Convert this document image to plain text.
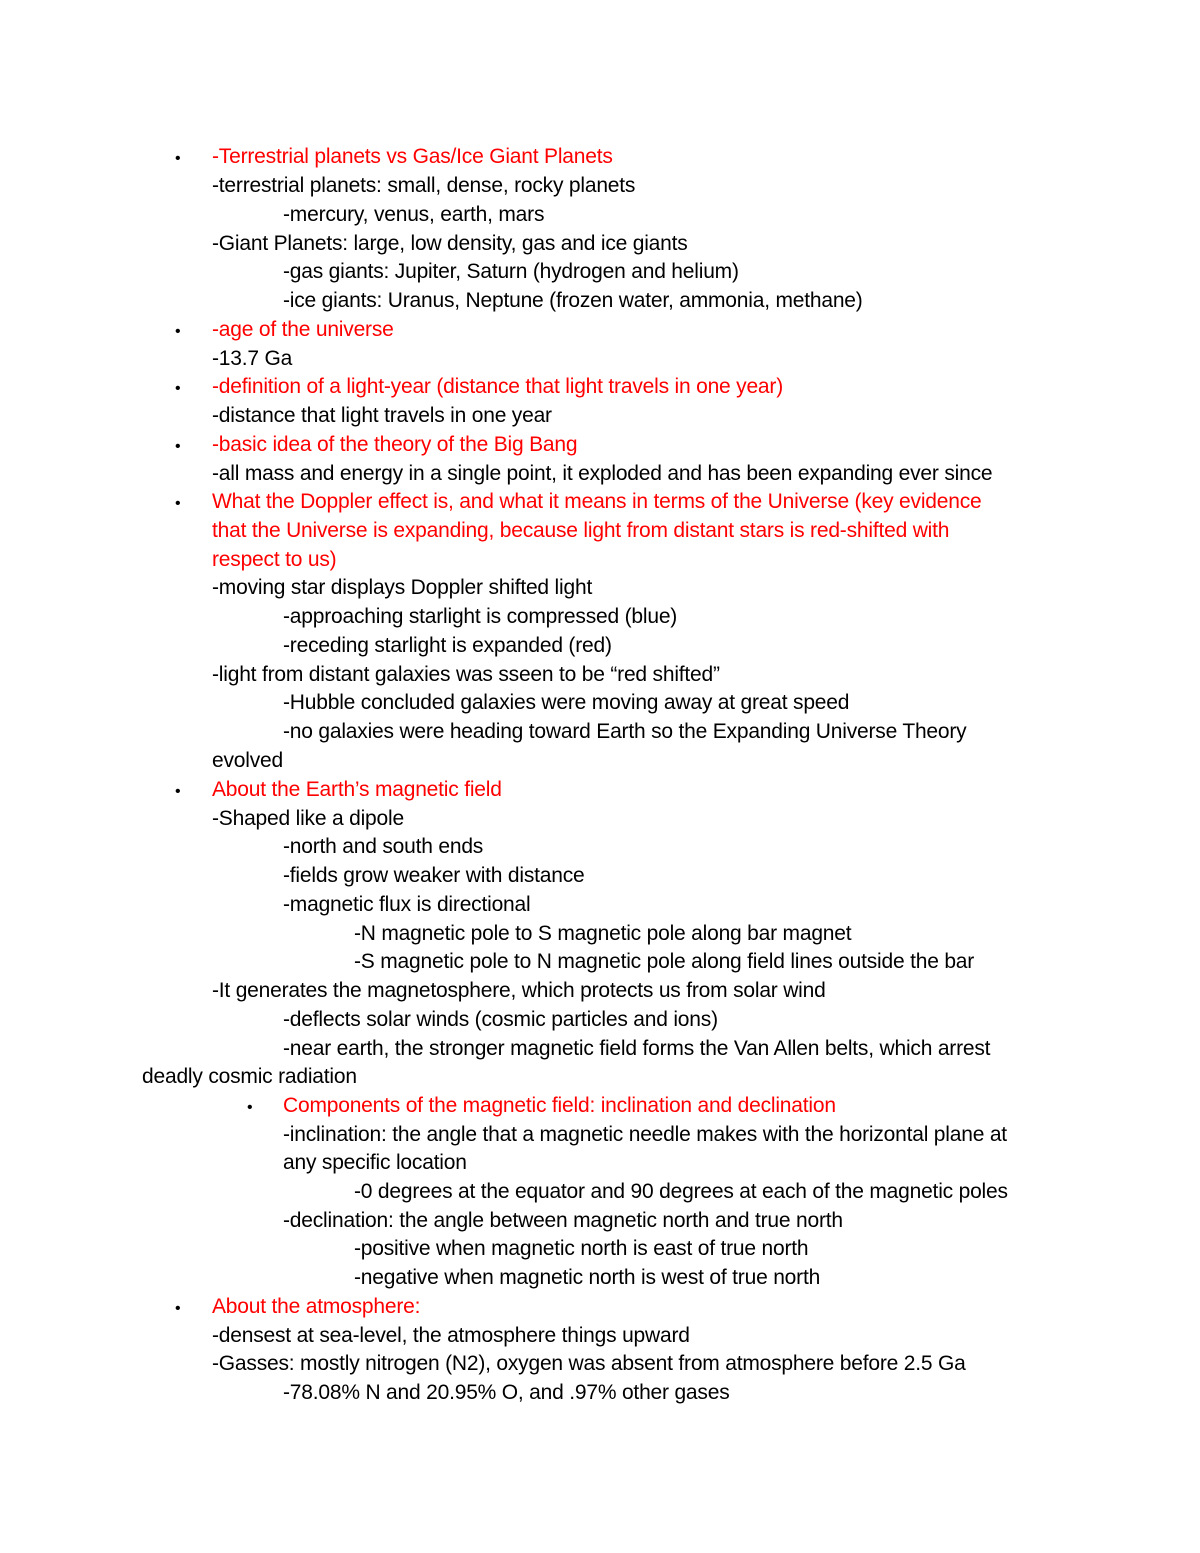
• -Terrestrial planets vs Gas/Ice Giant Planets
-terrestrial planets: small, dense, rocky planets
-mercury, venus, earth, mars
-Giant Planets: large, low density, gas and ice giants
-gas giants: Jupiter, Saturn (hydrogen and helium)
-ice giants: Uranus, Neptune (frozen water, ammonia, methane)
• -age of the universe
-13.7 Ga
• -definition of a light-year (distance that light travels in one year)
-distance that light travels in one year
• -basic idea of the theory of the Big Bang
-all mass and energy in a single point, it exploded and has been expanding ever since
• What the Doppler effect is, and what it means in terms of the Universe (key evidence
that the Universe is expanding, because light from distant stars is red-shifted with
respect to us)
-moving star displays Doppler shifted light
-approaching starlight is compressed (blue)
-receding starlight is expanded (red)
-light from distant galaxies was sseen to be “red shifted”
-Hubble concluded galaxies were moving away at great speed
-no galaxies were heading toward Earth so the Expanding Universe Theory
evolved
• About the Earth’s magnetic field
-Shaped like a dipole
-north and south ends
-fields grow weaker with distance
-magnetic flux is directional
-N magnetic pole to S magnetic pole along bar magnet
-S magnetic pole to N magnetic pole along field lines outside the bar
-It generates the magnetosphere, which protects us from solar wind
-deflects solar winds (cosmic particles and ions)
-near earth, the stronger magnetic field forms the Van Allen belts, which arrest
deadly cosmic radiation
• Components of the magnetic field: inclination and declination
-inclination: the angle that a magnetic needle makes with the horizontal plane at
any specific location
-0 degrees at the equator and 90 degrees at each of the magnetic poles
-declination: the angle between magnetic north and true north
-positive when magnetic north is east of true north
-negative when magnetic north is west of true north
• About the atmosphere:
-densest at sea-level, the atmosphere things upward
-Gasses: mostly nitrogen (N2), oxygen was absent from atmosphere before 2.5 Ga
-78.08% N and 20.95% O, and .97% other gases
